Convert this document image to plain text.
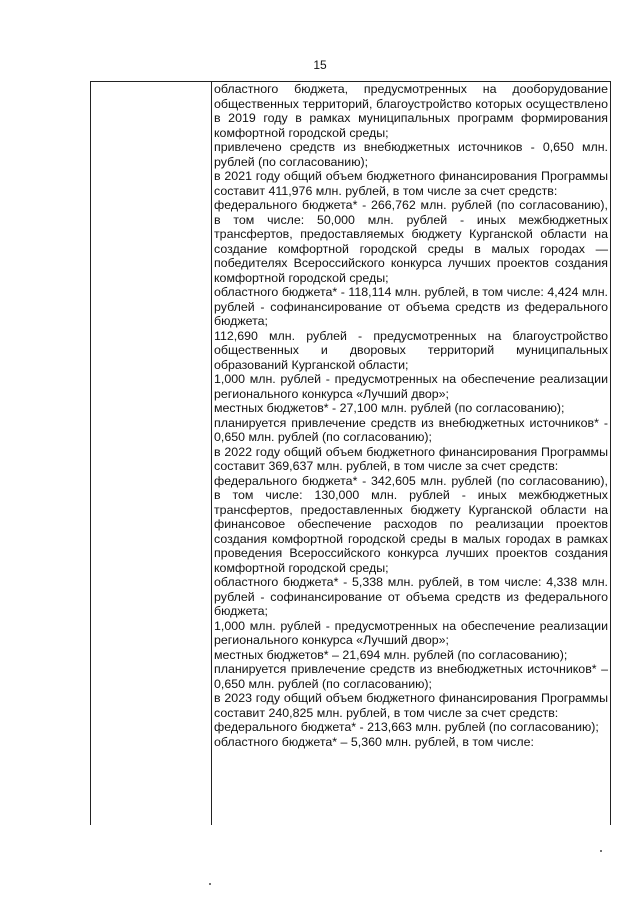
15

областного бюджета, предусмотренных на дооборудование общественных территорий, благоустройство которых осуществлено в 2019 году в рамках муниципальных программ формирования комфортной городской среды;

привлечено средств из внебюджетных источников - 0,650 млн. рублей (по согласованию);

в 2021 году общий объем бюджетного финансирования Программы составит 411,976 млн. рублей, в том числе за счет средств:

федерального бюджета* - 266,762 млн. рублей (по согласованию), в том числе: 50,000 млн. рублей - иных межбюджетных трансфертов, предоставляемых бюджету Курганской области на создание комфортной городской среды в малых городах — победителях Всероссийского конкурса лучших проектов создания комфортной городской среды;

областного бюджета* - 118,114 млн. рублей, в том числе: 4,424 млн. рублей - софинансирование от объема средств из федерального бюджета;

112,690 млн. рублей - предусмотренных на благоустройство общественных и дворовых территорий муниципальных образований Курганской области;

1,000 млн. рублей - предусмотренных на обеспечение реализации регионального конкурса «Лучший двор»;

местных бюджетов* - 27,100 млн. рублей (по согласованию);

планируется привлечение средств из внебюджетных источников* - 0,650 млн. рублей (по согласованию);

в 2022 году общий объем бюджетного финансирования Программы составит 369,637 млн. рублей, в том числе за счет средств:

федерального бюджета* - 342,605 млн. рублей (по согласованию), в том числе: 130,000 млн. рублей - иных межбюджетных трансфертов, предоставленных бюджету Курганской области на финансовое обеспечение расходов по реализации проектов создания комфортной городской среды в малых городах в рамках проведения Всероссийского конкурса лучших проектов создания комфортной городской среды;

областного бюджета* - 5,338 млн. рублей, в том числе: 4,338 млн. рублей - софинансирование от объема средств из федерального бюджета;

1,000 млн. рублей - предусмотренных на обеспечение реализации регионального конкурса «Лучший двор»;

местных бюджетов* – 21,694 млн. рублей (по согласованию);

планируется привлечение средств из внебюджетных источников* – 0,650 млн. рублей (по согласованию);

в 2023 году общий объем бюджетного финансирования Программы составит 240,825 млн. рублей, в том числе за счет средств:

федерального бюджета* - 213,663 млн. рублей (по согласованию);

областного бюджета* – 5,360 млн. рублей, в том числе:
